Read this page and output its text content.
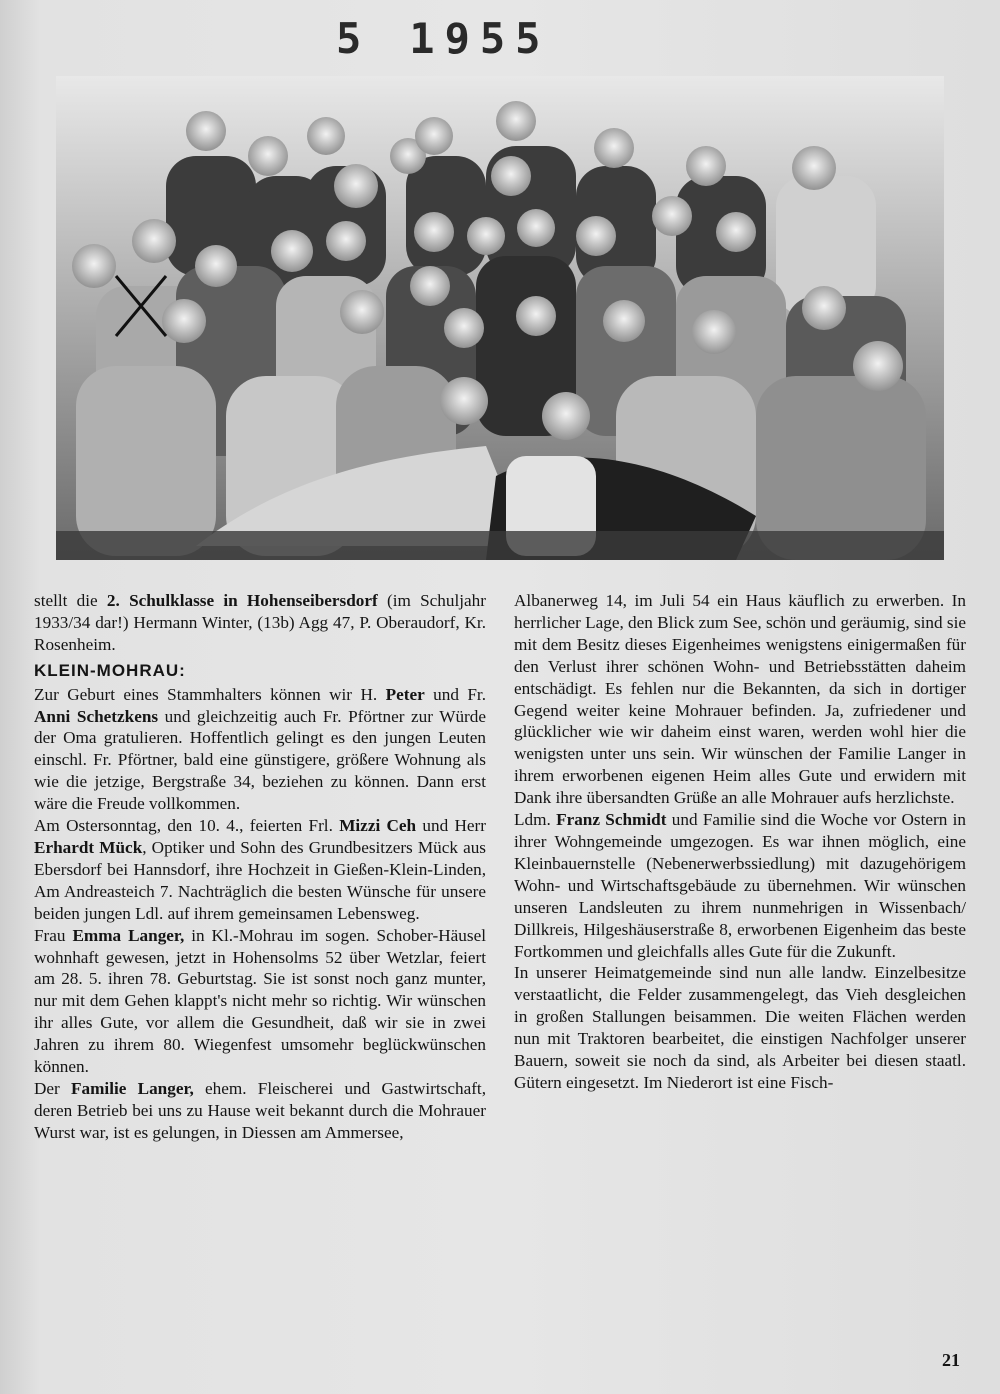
5 1955

stellt die 2. Schulklasse in Hohenseibersdorf (im Schuljahr 1933/34 dar!) Hermann Winter, (13b) Agg 47, P. Oberaudorf, Kr. Rosenheim.

KLEIN-MOHRAU:

Zur Geburt eines Stammhalters können wir H. Peter und Fr. Anni Schetzkens und gleichzeitig auch Fr. Pförtner zur Würde der Oma gratulieren. Hoffentlich gelingt es den jungen Leuten einschl. Fr. Pförtner, bald eine günstigere, größere Wohnung als wie die jetzige, Bergstraße 34, beziehen zu können. Dann erst wäre die Freude vollkommen.

Am Ostersonntag, den 10. 4., feierten Frl. Mizzi Ceh und Herr Erhardt Mück, Optiker und Sohn des Grundbesitzers Mück aus Ebersdorf bei Hannsdorf, ihre Hochzeit in Gießen-Klein-Linden, Am Andreasteich 7. Nachträglich die besten Wünsche für unsere beiden jungen Ldl. auf ihrem gemeinsamen Lebensweg.

Frau Emma Langer, in Kl.-Mohrau im sogen. Schober-Häusel wohnhaft gewesen, jetzt in Hohensolms 52 über Wetzlar, feiert am 28. 5. ihren 78. Geburtstag. Sie ist sonst noch ganz munter, nur mit dem Gehen klappt's nicht mehr so richtig. Wir wünschen ihr alles Gute, vor allem die Gesundheit, daß wir sie in zwei Jahren zu ihrem 80. Wiegenfest umsomehr beglückwünschen können.

Der Familie Langer, ehem. Fleischerei und Gastwirtschaft, deren Betrieb bei uns zu Hause weit bekannt durch die Mohrauer Wurst war, ist es gelungen, in Diessen am Ammersee,

Albanerweg 14, im Juli 54 ein Haus käuflich zu erwerben. In herrlicher Lage, den Blick zum See, schön und geräumig, sind sie mit dem Besitz dieses Eigenheimes wenigstens einigermaßen für den Verlust ihrer schönen Wohn- und Betriebsstätten daheim entschädigt. Es fehlen nur die Bekannten, da sich in dortiger Gegend weiter keine Mohrauer befinden. Ja, zufriedener und glücklicher wie wir daheim einst waren, werden wohl hier die wenigsten unter uns sein. Wir wünschen der Familie Langer in ihrem erworbenen eigenen Heim alles Gute und erwidern mit Dank ihre übersandten Grüße an alle Mohrauer aufs herzlichste.

Ldm. Franz Schmidt und Familie sind die Woche vor Ostern in ihrer Wohngemeinde umgezogen. Es war ihnen möglich, eine Kleinbauernstelle (Nebenerwerbssiedlung) mit dazugehörigem Wohn- und Wirtschaftsgebäude zu übernehmen. Wir wünschen unseren Landsleuten zu ihrem nunmehrigen in Wissenbach/ Dillkreis, Hilgeshäuserstraße 8, erworbenen Eigenheim das beste Fortkommen und gleichfalls alles Gute für die Zukunft.

In unserer Heimatgemeinde sind nun alle landw. Einzelbesitze verstaatlicht, die Felder zusammengelegt, das Vieh desgleichen in großen Stallungen beisammen. Die weiten Flächen werden nun mit Traktoren bearbeitet, die einstigen Nachfolger unserer Bauern, soweit sie noch da sind, als Arbeiter bei diesen staatl. Gütern eingesetzt. Im Niederort ist eine Fisch-

21
